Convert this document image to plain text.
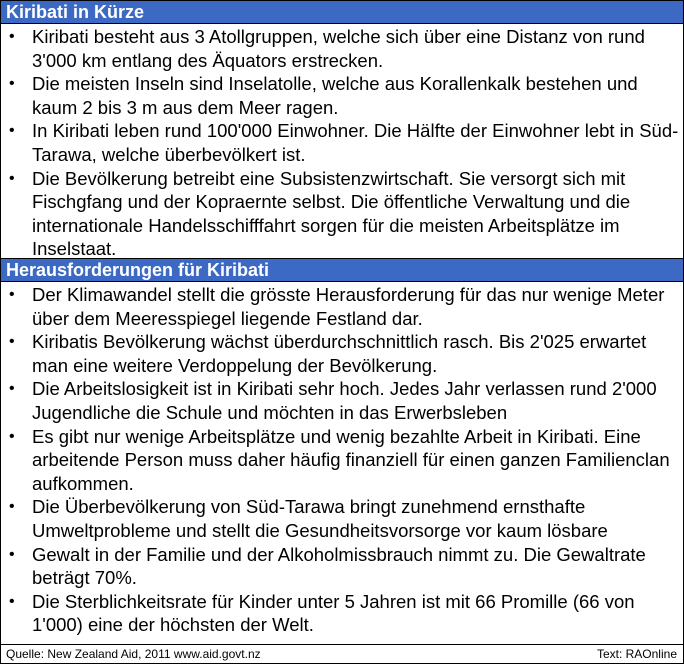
Kiribati in Kürze
• Kiribati besteht aus 3 Atollgruppen, welche sich über eine Distanz von rund 3'000 km entlang des Äquators erstrecken.
• Die meisten Inseln sind Inselatolle, welche aus Korallenkalk bestehen und kaum 2 bis 3 m aus dem Meer ragen.
• In Kiribati leben rund 100'000 Einwohner. Die Hälfte der Einwohner lebt in Süd-Tarawa, welche überbevölkert ist.
• Die Bevölkerung betreibt eine Subsistenzwirtschaft. Sie versorgt sich mit Fischgfang und der Kopraernte selbst. Die öffentliche Verwaltung und die internationale Handelsschifffahrt sorgen für die meisten Arbeitsplätze im Inselstaat.
Herausforderungen für Kiribati
• Der Klimawandel stellt die grösste Herausforderung für das nur wenige Meter über dem Meeresspiegel liegende Festland dar.
• Kiribatis Bevölkerung wächst überdurchschnittlich rasch. Bis 2'025 erwartet man eine weitere Verdoppelung der Bevölkerung.
• Die Arbeitslosigkeit ist in Kiribati sehr hoch. Jedes Jahr verlassen rund 2'000 Jugendliche die Schule und möchten in das Erwerbsleben
• Es gibt nur wenige Arbeitsplätze und wenig bezahlte Arbeit in Kiribati. Eine arbeitende Person muss daher häufig finanziell für einen ganzen Familienclan aufkommen.
• Die Überbevölkerung von Süd-Tarawa bringt zunehmend ernsthafte Umweltprobleme und stellt die Gesundheitsvorsorge vor kaum lösbare
• Gewalt in der Familie und der Alkoholmissbrauch nimmt zu. Die Gewaltrate beträgt 70%.
• Die Sterblichkeitsrate für Kinder unter 5 Jahren ist mit 66 Promille (66 von 1'000) eine der höchsten der Welt.
Quelle: New Zealand Aid, 2011 www.aid.govt.nz	Text: RAOnline
